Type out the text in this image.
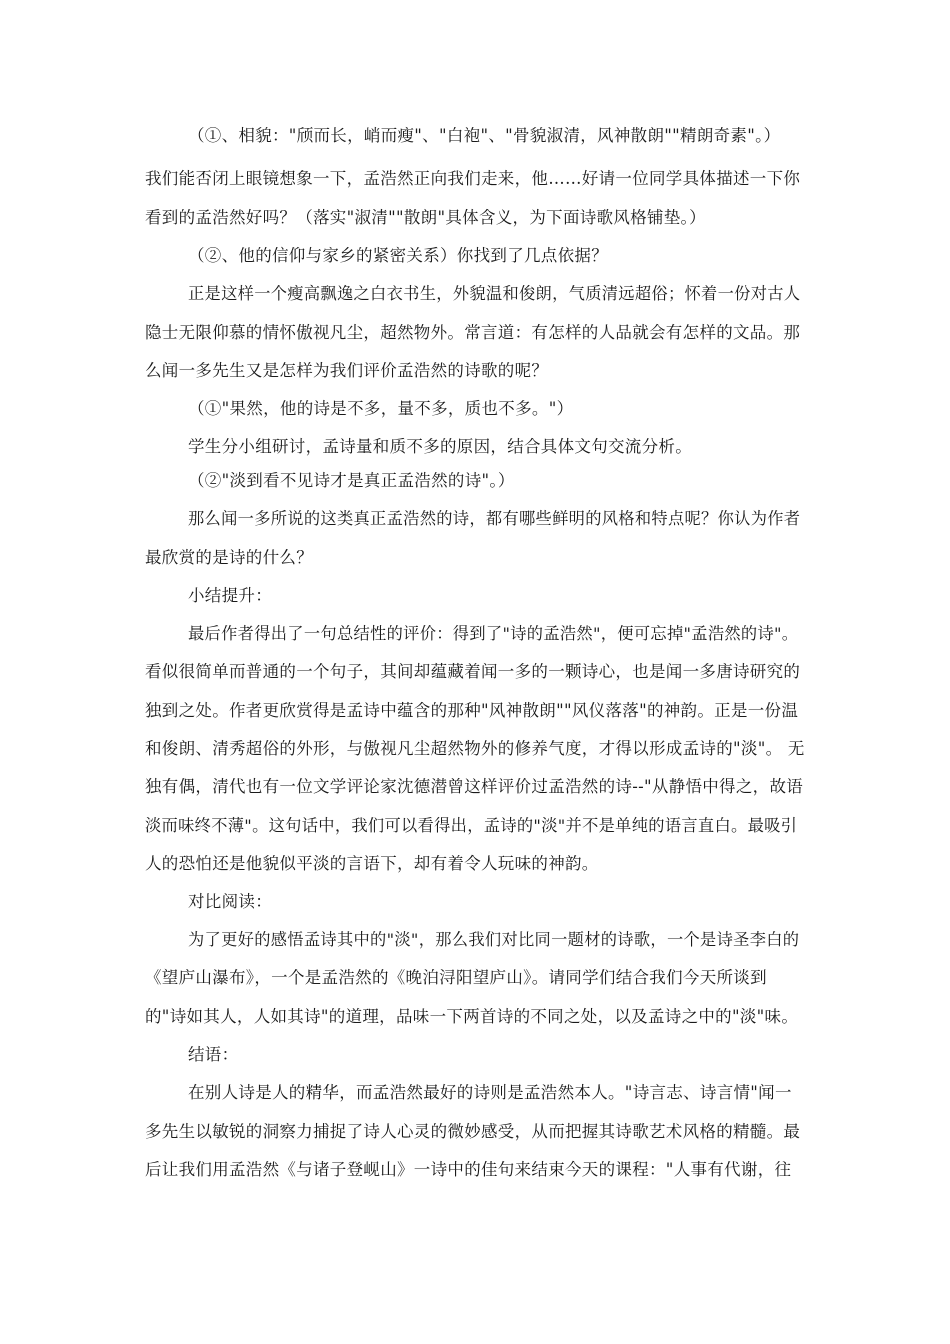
（①、相貌："颀而长，峭而瘦"、"白袍"、"骨貌淑清，风神散朗""精朗奇素"。）
我们能否闭上眼镜想象一下，孟浩然正向我们走来，他……好请一位同学具体描述一下你
看到的孟浩然好吗？（落实"淑清""散朗"具体含义，为下面诗歌风格铺垫。）
（②、他的信仰与家乡的紧密关系）你找到了几点依据？
正是这样一个瘦高飘逸之白衣书生，外貌温和俊朗，气质清远超俗；怀着一份对古人
隐士无限仰慕的情怀傲视凡尘，超然物外。常言道：有怎样的人品就会有怎样的文品。那
么闻一多先生又是怎样为我们评价孟浩然的诗歌的呢？
（①"果然，他的诗是不多，量不多，质也不多。"）
学生分小组研讨，孟诗量和质不多的原因，结合具体文句交流分析。
（②"淡到看不见诗才是真正孟浩然的诗"。）
那么闻一多所说的这类真正孟浩然的诗，都有哪些鲜明的风格和特点呢？你认为作者
最欣赏的是诗的什么？
小结提升：
最后作者得出了一句总结性的评价：得到了"诗的孟浩然"，便可忘掉"孟浩然的诗"。
看似很简单而普通的一个句子，其间却蕴藏着闻一多的一颗诗心，也是闻一多唐诗研究的
独到之处。作者更欣赏得是孟诗中蕴含的那种"风神散朗""风仪落落"的神韵。正是一份温
和俊朗、清秀超俗的外形，与傲视凡尘超然物外的修养气度，才得以形成孟诗的"淡"。 无
独有偶，清代也有一位文学评论家沈德潜曾这样评价过孟浩然的诗--"从静悟中得之，故语
淡而味终不薄"。这句话中，我们可以看得出，孟诗的"淡"并不是单纯的语言直白。最吸引
人的恐怕还是他貌似平淡的言语下，却有着令人玩味的神韵。
对比阅读：
为了更好的感悟孟诗其中的"淡"，那么我们对比同一题材的诗歌，一个是诗圣李白的
《望庐山瀑布》，一个是孟浩然的《晚泊浔阳望庐山》。请同学们结合我们今天所谈到
的"诗如其人，人如其诗"的道理，品味一下两首诗的不同之处，以及孟诗之中的"淡"味。
结语：
在别人诗是人的精华，而孟浩然最好的诗则是孟浩然本人。"诗言志、诗言情"闻一
多先生以敏锐的洞察力捕捉了诗人心灵的微妙感受，从而把握其诗歌艺术风格的精髓。最
后让我们用孟浩然《与诸子登岘山》一诗中的佳句来结束今天的课程："人事有代谢，往
